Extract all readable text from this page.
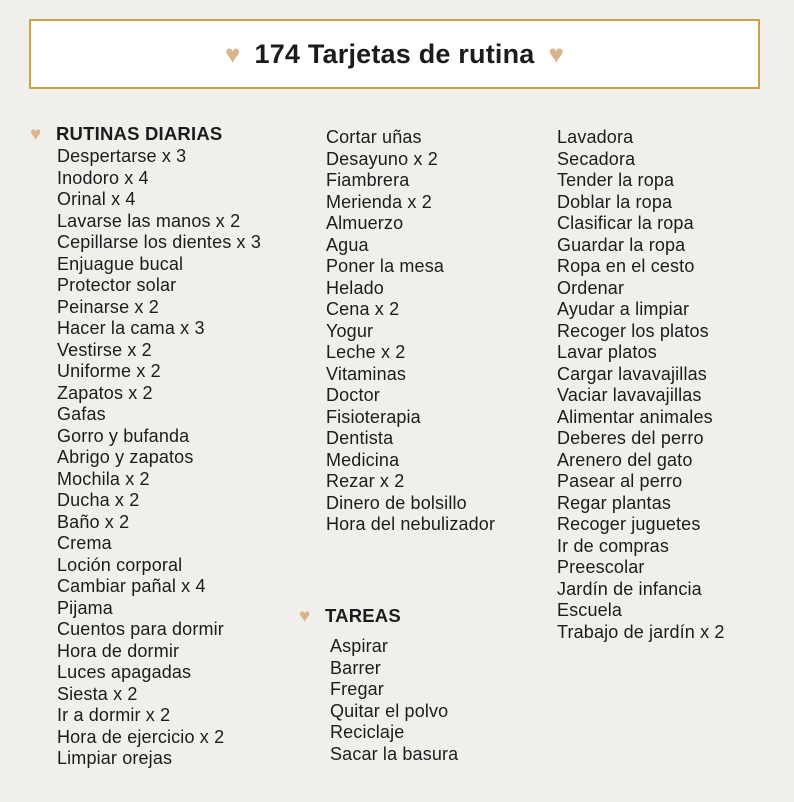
♥ 174 Tarjetas de rutina ♥
♥ RUTINAS DIARIAS
Despertarse x 3
Inodoro x 4
Orinal x 4
Lavarse las manos x 2
Cepillarse los dientes x 3
Enjuague bucal
Protector solar
Peinarse x 2
Hacer la cama x 3
Vestirse x 2
Uniforme x 2
Zapatos x 2
Gafas
Gorro y bufanda
Abrigo y zapatos
Mochila x 2
Ducha x 2
Baño x 2
Crema
Loción corporal
Cambiar pañal x 4
Pijama
Cuentos para dormir
Hora de dormir
Luces apagadas
Siesta x 2
Ir a dormir x 2
Hora de ejercicio x 2
Limpiar orejas
Cortar uñas
Desayuno x 2
Fiambrera
Merienda x 2
Almuerzo
Agua
Poner la mesa
Helado
Cena x 2
Yogur
Leche x 2
Vitaminas
Doctor
Fisioterapia
Dentista
Medicina
Rezar x 2
Dinero de bolsillo
Hora del nebulizador
♥ TAREAS
Aspirar
Barrer
Fregar
Quitar el polvo
Reciclaje
Sacar la basura
Lavadora
Secadora
Tender la ropa
Doblar la ropa
Clasificar la ropa
Guardar la ropa
Ropa en el cesto
Ordenar
Ayudar a limpiar
Recoger los platos
Lavar platos
Cargar lavavajillas
Vaciar lavavajillas
Alimentar animales
Deberes del perro
Arenero del gato
Pasear al perro
Regar plantas
Recoger juguetes
Ir de compras
Preescolar
Jardín de infancia
Escuela
Trabajo de jardín x 2
